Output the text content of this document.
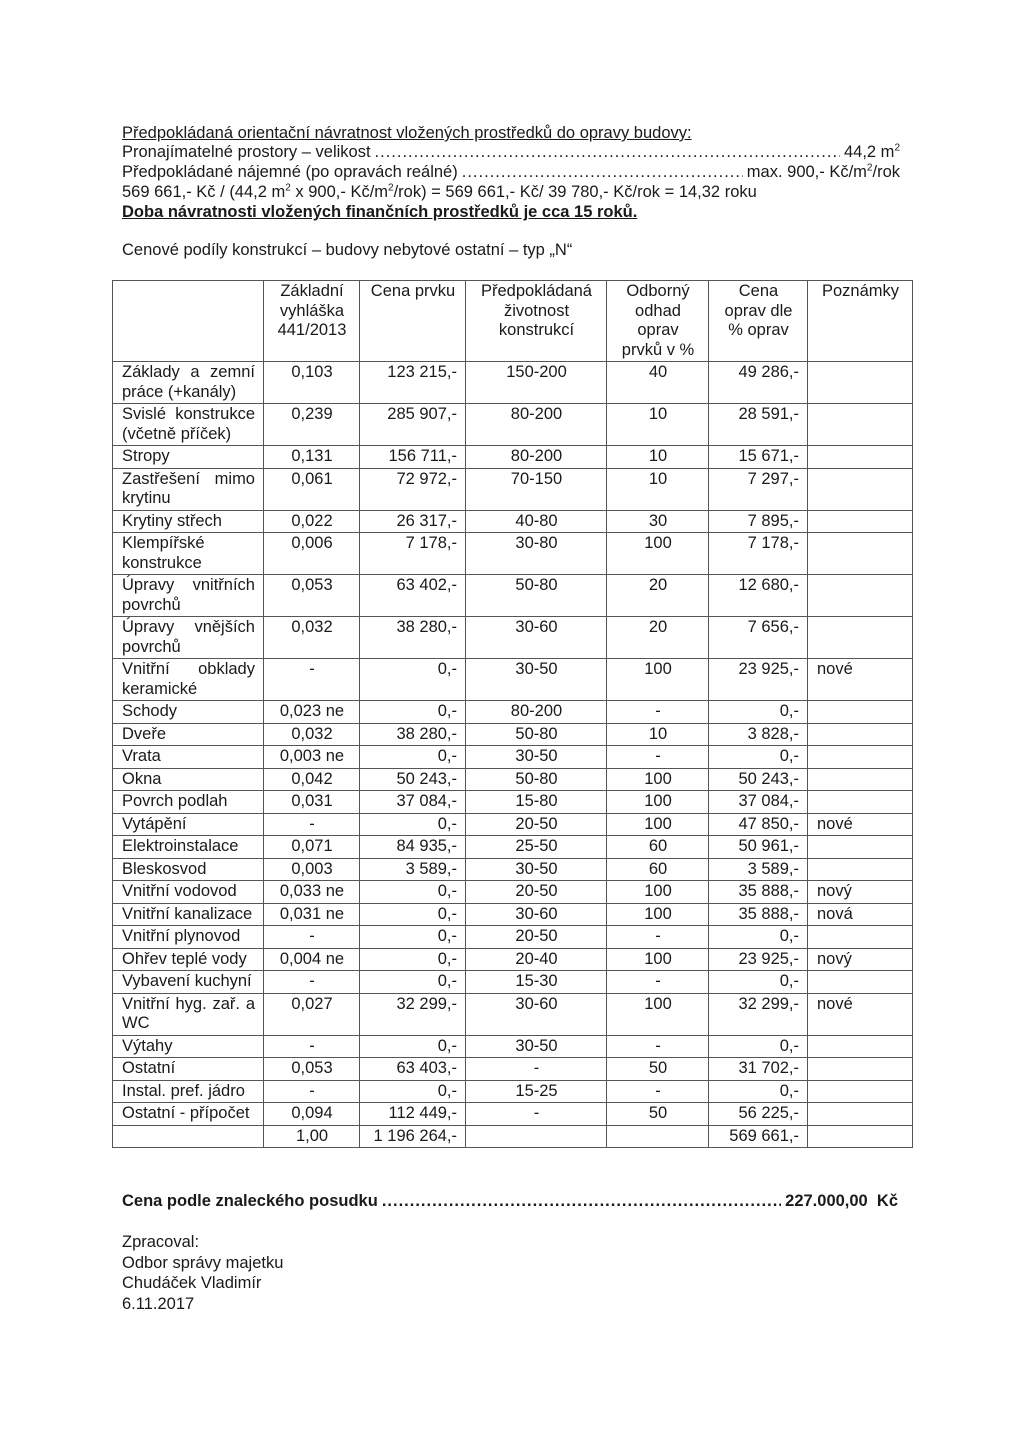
Předpokládaná orientační návratnost vložených prostředků do opravy budovy:
Pronajímatelné prostory – velikost .....	44,2 $m^2$
Předpokládané nájemné (po opravách reálné) .....	max. 900,- $Kč/m^2$/rok
569 661,- Kč / (44,2 $m^2$ x 900,- $Kč/m^2/rok) = 569$ 661,- Kč/ 39 780,- Kč/rok = 14,32 roku
Doba návratnosti vložených finančních prostředků je cca 15 roků.
Cenové podíly konstrukcí – budovy nebytové ostatní – typ „N“
	Základní vyhláška 441/2013	Cena prvku	Předpokládaná životnost konstrukcí	Odborný odhad oprav prvků v %	Cena oprav dle % oprav	Poznámky
Základy a zemní práce (+kanály)	0,103	123 215,-	150-200	40	49 286,-	
Svislé konstrukce (včetně příček)	0,239	285 907,-	80-200	10	28 591,-	
Stropy	0,131	156 711,-	80-200	10	15 671,-	
Zastřešení mimo krytinu	0,061	72 972,-	70-150	10	7 297,-	
Krytiny střech	0,022	26 317,-	40-80	30	7 895,-	
Klempířské konstrukce	0,006	7 178,-	30-80	100	7 178,-	
Úpravy vnitřních povrchů	0,053	63 402,-	50-80	20	12 680,-	
Úpravy vnějších povrchů	0,032	38 280,-	30-60	20	7 656,-	
Vnitřní obklady keramické	-	0,-	30-50	100	23 925,-	nové
Schody	0,023 ne	0,-	80-200	-	0,-	
Dveře	0,032	38 280,-	50-80	10	3 828,-	
Vrata	0,003 ne	0,-	30-50	-	0,-	
Okna	0,042	50 243,-	50-80	100	50 243,-	
Povrch podlah	0,031	37 084,-	15-80	100	37 084,-	
Vytápění	-	0,-	20-50	100	47 850,-	nové
Elektroinstalace	0,071	84 935,-	25-50	60	50 961,-	
Bleskosvod	0,003	3 589,-	30-50	60	3 589,-	
Vnitřní vodovod	0,033 ne	0,-	20-50	100	35 888,-	nový
Vnitřní kanalizace	0,031 ne	0,-	30-60	100	35 888,-	nová
Vnitřní plynovod	-	0,-	20-50	-	0,-	
Ohřev teplé vody	0,004 ne	0,-	20-40	100	23 925,-	nový
Vybavení kuchyní	-	0,-	15-30	-	0,-	
Vnitřní hyg. zař. a WC	0,027	32 299,-	30-60	100	32 299,-	nové
Výtahy	-	0,-	30-50	-	0,-	
Ostatní	0,053	63 403,-	-	50	31 702,-	
Instal. pref. jádro	-	0,-	15-25	-	0,-	
Ostatní - přípočet	0,094	112 449,-	-	50	56 225,-	
	1,00	1 196 264,-			569 661,-	
Cena podle znaleckého posudku .....	227.000,00  Kč
Zpracoval:
Odbor správy majetku
Chudáček Vladimír
6.11.2017
